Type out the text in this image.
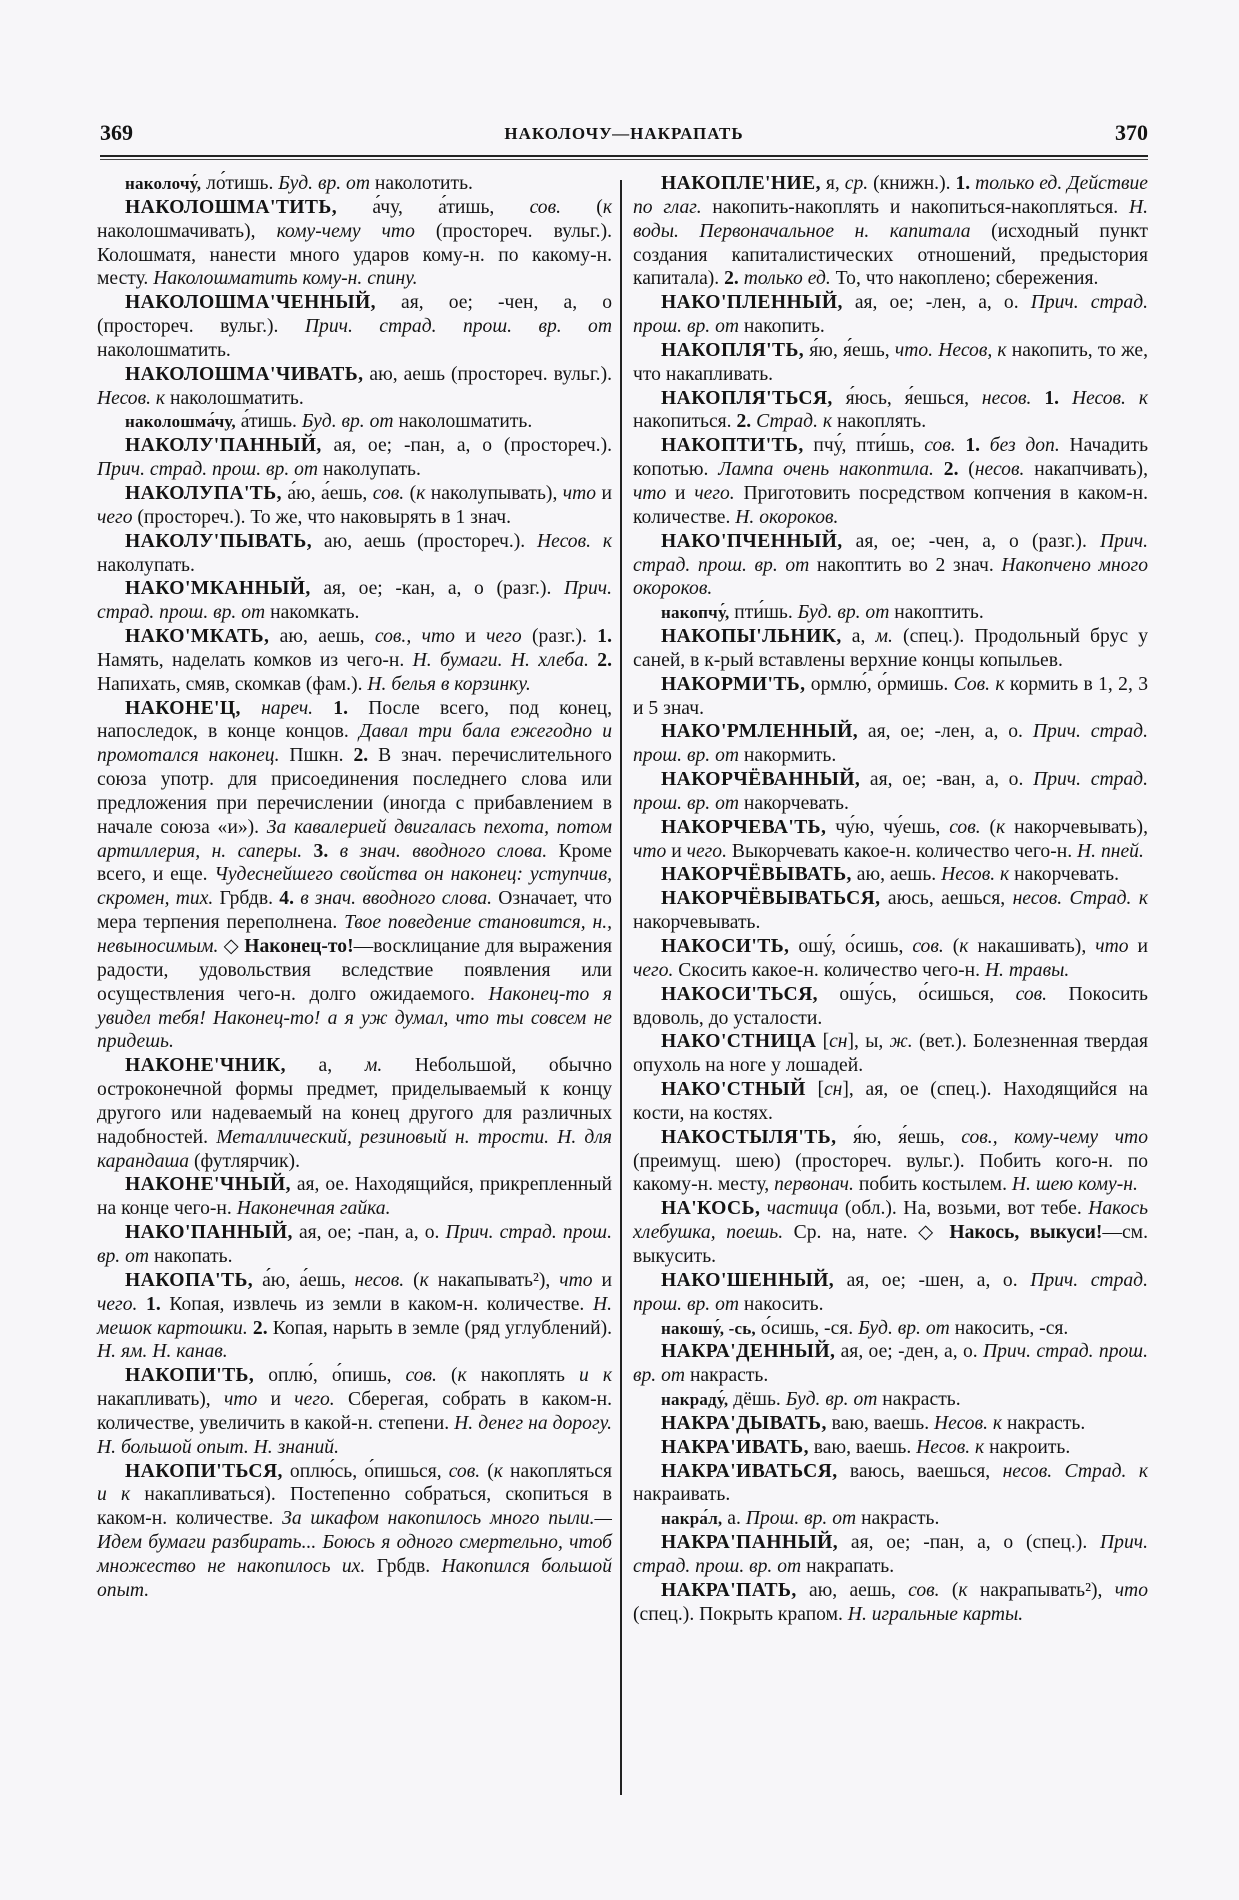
369	НАКОЛОЧУ—НАКРАПАТЬ	370

наколочу́, ло́тишь. Буд. вр. от наколотить.

НАКОЛОШМА'ТИТЬ, а́чу, а́тишь, сов. (к наколошмачивать), кому-чему что (простореч. вульг.). Колошматя, нанести много ударов кому-н. по какому-н. месту. Наколошматить кому-н. спину.

НАКОЛОШМА'ЧЕННЫЙ, ая, ое; -чен, а, о (простореч. вульг.). Прич. страд. прош. вр. от наколошматить.

НАКОЛОШМА'ЧИВАТЬ, аю, аешь (простореч. вульг.). Несов. к наколошматить.

наколошма́чу, а́тишь. Буд. вр. от наколошматить.

НАКОЛУ'ПАННЫЙ, ая, ое; -пан, а, о (простореч.). Прич. страд. прош. вр. от наколупать.

НАКОЛУПА'ТЬ, а́ю, а́ешь, сов. (к наколупывать), что и чего (простореч.). То же, что наковырять в 1 знач.

НАКОЛУ'ПЫВАТЬ, аю, аешь (простореч.). Несов. к наколупать.

НАКО'МКАННЫЙ, ая, ое; -кан, а, о (разг.). Прич. страд. прош. вр. от накомкать.

НАКО'МКАТЬ, аю, аешь, сов., что и чего (разг.). 1. Намять, наделать комков из чего-н. Н. бумаги. Н. хлеба. 2. Напихать, смяв, скомкав (фам.). Н. белья в корзинку.

НАКОНЕ'Ц, нареч. 1. После всего, под конец, напоследок, в конце концов. Давал три бала ежегодно и промотался наконец. Пшкн. 2. В знач. перечислительного союза употр. для присоединения последнего слова или предложения при перечислении (иногда с прибавлением в начале союза «и»). За кавалерией двигалась пехота, потом артиллерия, н. саперы. 3. в знач. вводного слова. Кроме всего, и еще. Чудеснейшего свойства он наконец: уступчив, скромен, тих. Грбдв. 4. в знач. вводного слова. Означает, что мера терпения переполнена. Твое поведение становится, н., невыносимым. ◇ Наконец-то!—восклицание для выражения радости, удовольствия вследствие появления или осуществления чего-н. долго ожидаемого. Наконец-то я увидел тебя! Наконец-то! а я уж думал, что ты совсем не придешь.

НАКОНЕ'ЧНИК, а, м. Небольшой, обычно остроконечной формы предмет, приделываемый к концу другого или надеваемый на конец другого для различных надобностей. Металлический, резиновый н. трости. Н. для карандаша (футлярчик).

НАКОНЕ'ЧНЫЙ, ая, ое. Находящийся, прикрепленный на конце чего-н. Наконечная гайка.

НАКО'ПАННЫЙ, ая, ое; -пан, а, о. Прич. страд. прош. вр. от накопать.

НАКОПА'ТЬ, а́ю, а́ешь, несов. (к накапывать²), что и чего. 1. Копая, извлечь из земли в каком-н. количестве. Н. мешок картошки. 2. Копая, нарыть в земле (ряд углублений). Н. ям. Н. канав.

НАКОПИ'ТЬ, оплю́, о́пишь, сов. (к накоплять и к накапливать), что и чего. Сберегая, собрать в каком-н. количестве, увеличить в какой-н. степени. Н. денег на дорогу. Н. большой опыт. Н. знаний.

НАКОПИ'ТЬСЯ, оплю́сь, о́пишься, сов. (к накопляться и к накапливаться). Постепенно собраться, скопиться в каком-н. количестве. За шкафом накопилось много пыли.— Идем бумаги разбирать... Боюсь я одного смертельно, чтоб множество не накопилось их. Грбдв. Накопился большой опыт.

НАКОПЛЕ'НИЕ, я, ср. (книжн.). 1. только ед. Действие по глаг. накопить-накоплять и накопиться-накопляться. Н. воды. Первоначальное н. капитала (исходный пункт создания капиталистических отношений, предыстория капитала). 2. только ед. То, что накоплено; сбережения.

НАКО'ПЛЕННЫЙ, ая, ое; -лен, а, о. Прич. страд. прош. вр. от накопить.

НАКОПЛЯ'ТЬ, я́ю, я́ешь, что. Несов, к накопить, то же, что накапливать.

НАКОПЛЯ'ТЬСЯ, я́юсь, я́ешься, несов. 1. Несов. к накопиться. 2. Страд. к накоплять.

НАКОПТИ'ТЬ, пчу́, пти́шь, сов. 1. без доп. Начадить копотью. Лампа очень накоптила. 2. (несов. накапчивать), что и чего. Приготовить посредством копчения в каком-н. количестве. Н. окороков.

НАКО'ПЧЕННЫЙ, ая, ое; -чен, а, о (разг.). Прич. страд. прош. вр. от накоптить во 2 знач. Накопчено много окороков.

накопчу́, пти́шь. Буд. вр. от накоптить.

НАКОПЫ'ЛЬНИК, а, м. (спец.). Продольный брус у саней, в к-рый вставлены верхние концы копыльев.

НАКОРМИ'ТЬ, ормлю́, о́рмишь. Сов. к кормить в 1, 2, 3 и 5 знач.

НАКО'РМЛЕННЫЙ, ая, ое; -лен, а, о. Прич. страд. прош. вр. от накормить.

НАКОРЧЁВАННЫЙ, ая, ое; -ван, а, о. Прич. страд. прош. вр. от накорчевать.

НАКОРЧЕВА'ТЬ, чу́ю, чу́ешь, сов. (к накорчевывать), что и чего. Выкорчевать какое-н. количество чего-н. Н. пней.

НАКОРЧЁВЫВАТЬ, аю, аешь. Несов. к накорчевать.

НАКОРЧЁВЫВАТЬСЯ, аюсь, аешься, несов. Страд. к накорчевывать.

НАКОСИ'ТЬ, ошу́, о́сишь, сов. (к накашивать), что и чего. Скосить какое-н. количество чего-н. Н. травы.

НАКОСИ'ТЬСЯ, ошу́сь, о́сишься, сов. Покосить вдоволь, до усталости.

НАКО'СТНИЦА [сн], ы, ж. (вет.). Болезненная твердая опухоль на ноге у лошадей.

НАКО'СТНЫЙ [сн], ая, ое (спец.). Находящийся на кости, на костях.

НАКОСТЫЛЯ'ТЬ, я́ю, я́ешь, сов., кому-чему что (преимущ. шею) (простореч. вульг.). Побить кого-н. по какому-н. месту, первонач. побить костылем. Н. шею кому-н.

НА'КОСЬ, частица (обл.). На, возьми, вот тебе. Накось хлебушка, поешь. Ср. на, нате. ◇ Накось, выкуси!—см. выкусить.

НАКО'ШЕННЫЙ, ая, ое; -шен, а, о. Прич. страд. прош. вр. от накосить.

накошу́, -сь, о́сишь, -ся. Буд. вр. от накосить, -ся.

НАКРА'ДЕННЫЙ, ая, ое; -ден, а, о. Прич. страд. прош. вр. от накрасть.

накраду́, дёшь. Буд. вр. от накрасть.

НАКРА'ДЫВАТЬ, ваю, ваешь. Несов. к накрасть.

НАКРА'ИВАТЬ, ваю, ваешь. Несов. к накроить.

НАКРА'ИВАТЬСЯ, ваюсь, ваешься, несов. Страд. к накраивать.

накра́л, а. Прош. вр. от накрасть.

НАКРА'ПАННЫЙ, ая, ое; -пан, а, о (спец.). Прич. страд. прош. вр. от накрапать.

НАКРА'ПАТЬ, аю, аешь, сов. (к накрапывать²), что (спец.). Покрыть крапом. Н. игральные карты.
